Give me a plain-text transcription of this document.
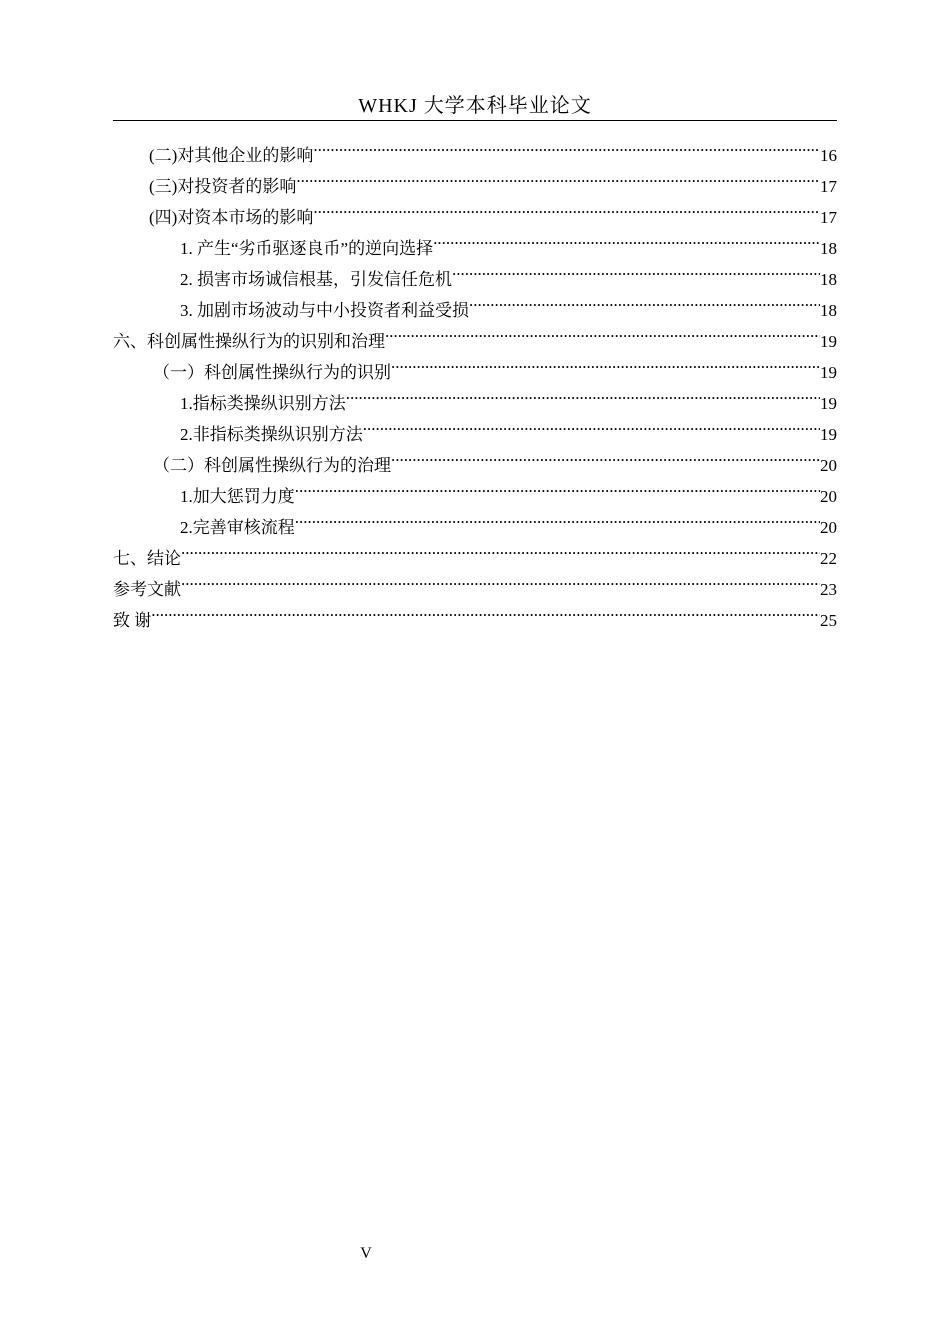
WHKJ 大学本科毕业论文
(二)对其他企业的影响 .....	16
(三)对投资者的影响 .....	17
(四)对资本市场的影响 .....	17
1. 产生“劣币驱逐良币”的逆向选择 .....	18
2. 损害市场诚信根基，引发信任危机 .....	18
3. 加剧市场波动与中小投资者利益受损 .....	18
六、科创属性操纵行为的识别和治理 .....	19
（一）科创属性操纵行为的识别 .....	19
1.指标类操纵识别方法 .....	19
2.非指标类操纵识别方法 .....	19
（二）科创属性操纵行为的治理 .....	20
1.加大惩罚力度 .....	20
2.完善审核流程 .....	20
七、结论 .....	22
参考文献 .....	23
致 谢 .....	25
V
